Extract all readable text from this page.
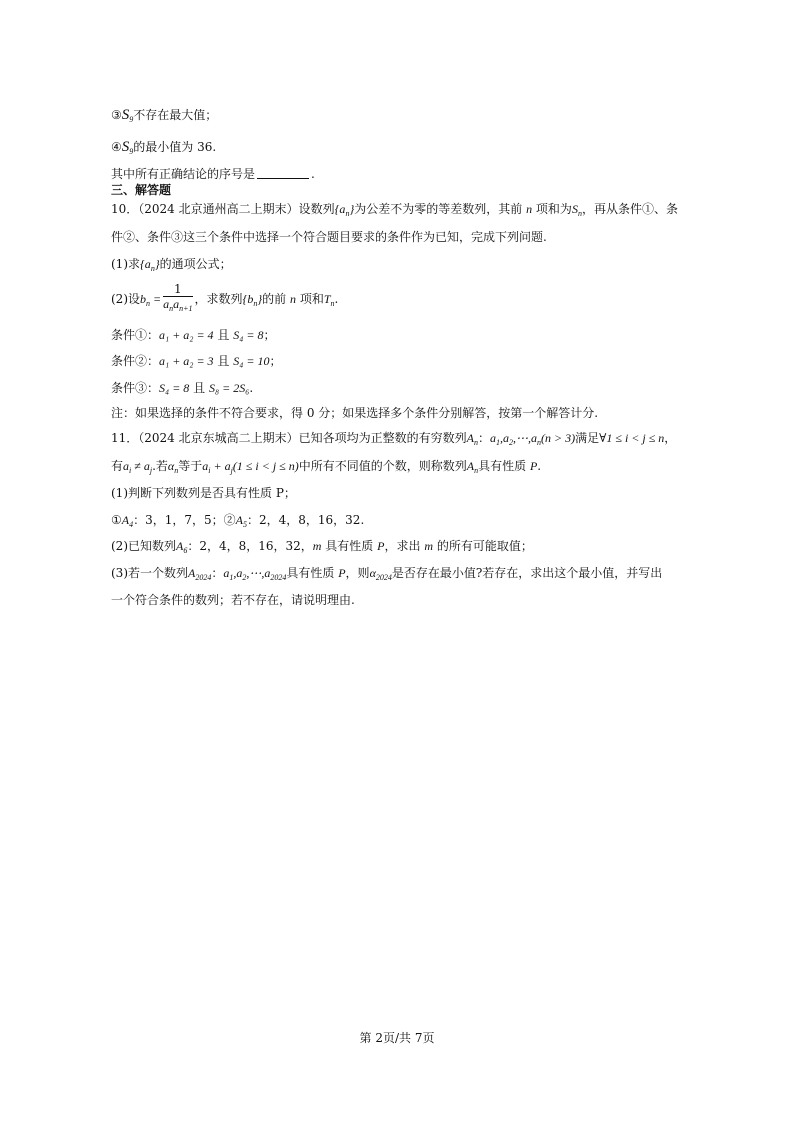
$③S_9$不存在最大值；
$④S_9$的最小值为 36.
其中所有正确结论的序号是	.
三、解答题
10．（2024 北京通州高二上期末）设数列$\{a_n\}$为公差不为零的等差数列，其前 n 项和为$S_n$，再从条件①、条
件②、条件③这三个条件中选择一个符合题目要求的条件作为已知，完成下列问题.
(1)求$\{a_n\}$的通项公式；
(2)设$b_n = \frac{1}{a_na_{n+1}}$ ，求数列$\{b_n\}$的前 n 项和$T_n$.
条件①：a₁ + a₂ = 4 且 S₄ = 8；
条件②：a₁ + a₂ = 3 且 S₄ = 10；
条件③：S₄ = 8 且 S₈ = 2S₆.
注：如果选择的条件不符合要求，得 0 分；如果选择多个条件分别解答，按第一个解答计分.
11．（2024 北京东城高二上期末）已知各项均为正整数的有穷数列$A_n$：$a_1,a_2,\cdots,a_n(n > 3)$满足∀1 ≤ i < j ≤ n，
有$a_i \ne a_j$.若$\alpha_n$等于$a_i + a_j(1 \le i < j \le n)$中所有不同值的个数，则称数列$A_n$具有性质 P.
(1)判断下列数列是否具有性质 P；
$①A_4$：3，1，7，5；$②A_5$：2，4，8，16，32.
(2)已知数列$A_6$：2，4，8，16，32，m 具有性质 P，求出 m 的所有可能取值；
(3)若一个数列$A_{2024}$：$a_1,a_2,\cdots,a_{2024}$具有性质 P，则$\alpha_{2024}$是否存在最小值?若存在，求出这个最小值，并写出
一个符合条件的数列；若不存在，请说明理由.
第 2页/共 7页
